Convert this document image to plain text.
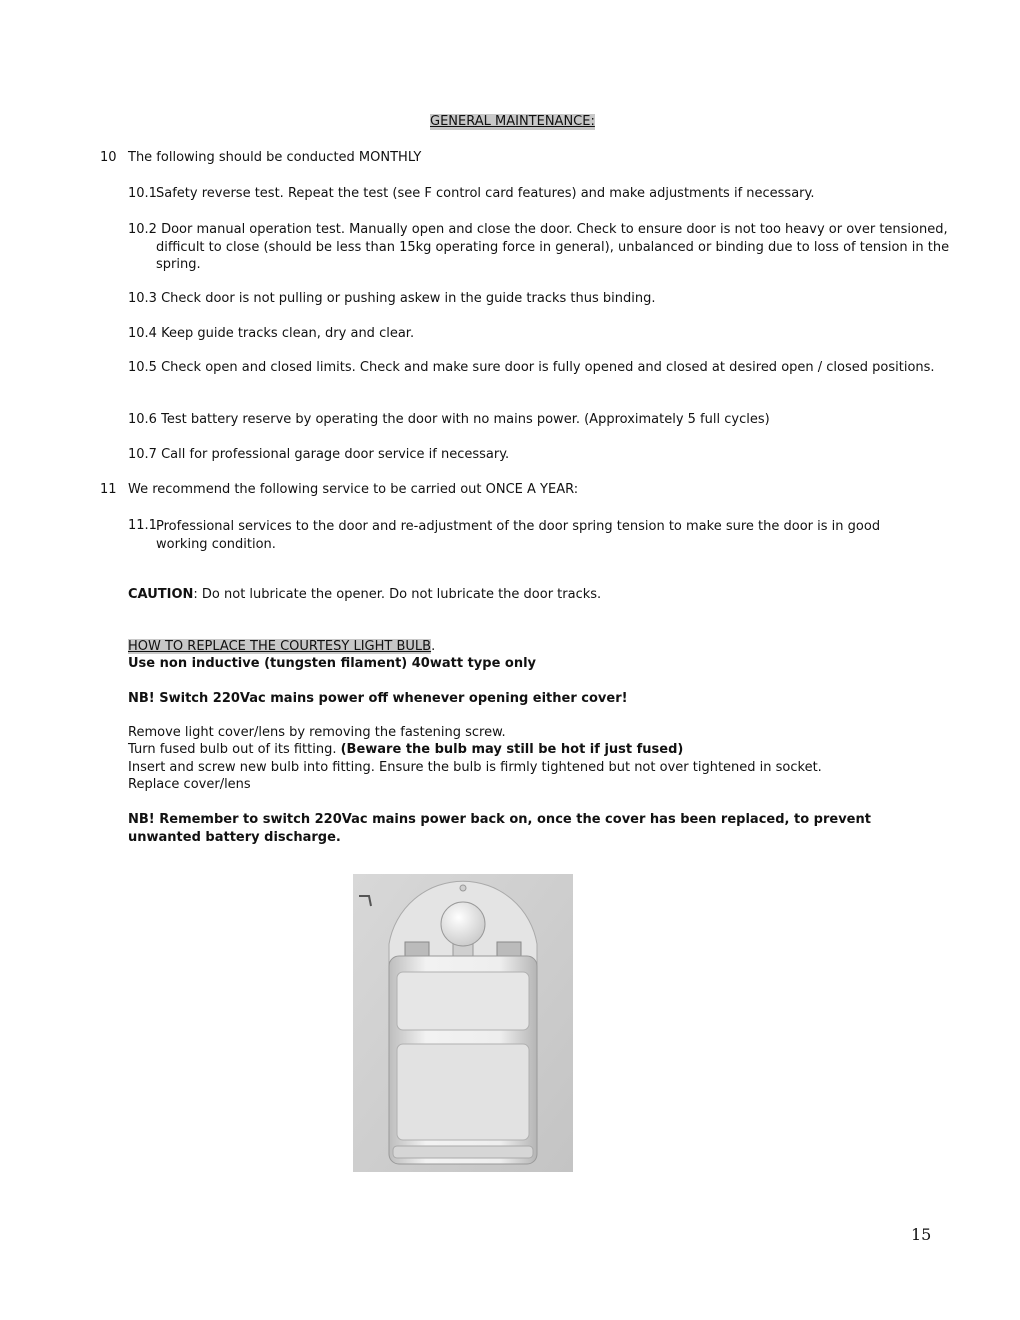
GENERAL MAINTENANCE:
10 The following should be conducted MONTHLY
10.1 Safety reverse test. Repeat the test (see F control card features) and make adjustments if necessary.
10.2 Door manual operation test. Manually open and close the door. Check to ensure door is not too heavy or over tensioned, difficult to close (should be less than 15kg operating force in general), unbalanced or binding due to loss of tension in the spring.
10.3 Check door is not pulling or pushing askew in the guide tracks thus binding.
10.4 Keep guide tracks clean, dry and clear.
10.5 Check open and closed limits. Check and make sure door is fully opened and closed at desired open / closed positions.
10.6 Test battery reserve by operating the door with no mains power. (Approximately 5 full cycles)
10.7 Call for professional garage door service if necessary.
11 We recommend the following service to be carried out ONCE A YEAR:
11.1 Professional services to the door and re-adjustment of the door spring tension to make sure the door is in good working condition.
CAUTION: Do not lubricate the opener. Do not lubricate the door tracks.
HOW TO REPLACE THE COURTESY LIGHT BULB.
Use non inductive (tungsten filament) 40watt type only
NB! Switch 220Vac mains power off whenever opening either cover!
Remove light cover/lens by removing the fastening screw.
Turn fused bulb out of its fitting. (Beware the bulb may still be hot if just fused)
Insert and screw new bulb into fitting. Ensure the bulb is firmly tightened but not over tightened in socket.
Replace cover/lens
NB! Remember to switch 220Vac mains power back on, once the cover has been replaced, to prevent unwanted battery discharge.
15
